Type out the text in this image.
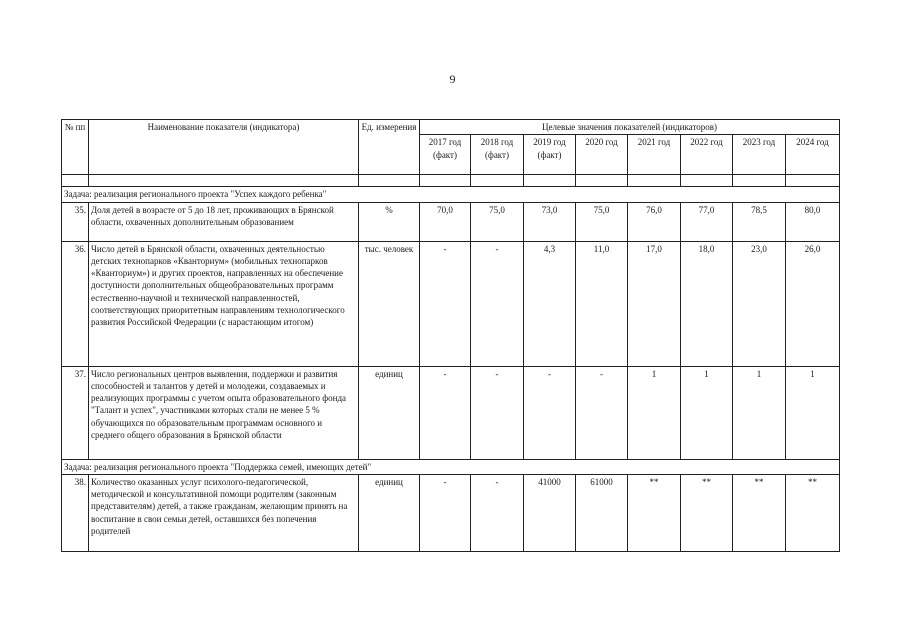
9
№ пп	Наименование показателя (индикатора)	Ед. измерения	Целевые значения показателей (индикаторов)							
			2017 год (факт)	2018 год (факт)	2019 год (факт)	2020 год	2021 год	2022 год	2023 год	2024 год

Задача: реализация регионального проекта "Успех каждого ребенка"										
35.	Доля детей в возрасте от 5 до 18 лет, проживающих в Брянской области, охваченных дополнительным образованием	%	70,0	75,0	73,0	75,0	76,0	77,0	78,5	80,0
36.	Число детей в Брянской области, охваченных деятельностью детских технопарков «Кванториум» (мобильных технопарков «Кванториум») и других проектов, направленных на обеспечение доступности дополнительных общеобразовательных программ естественно-научной и технической направленностей, соответствующих приоритетным направлениям технологического развития Российской Федерации (с нарастающим итогом)	тыс. человек	-	-	4,3	11,0	17,0	18,0	23,0	26,0
37.	Число региональных центров выявления, поддержки и развития способностей и талантов у детей и молодежи, создаваемых и реализующих программы с учетом опыта образовательного фонда "Талант и успех", участниками которых стали не менее 5 % обучающихся по образовательным программам основного и среднего общего образования в Брянской области	единиц	-	-	-	-	1	1	1	1
Задача: реализация регионального проекта "Поддержка семей, имеющих детей"										
38.	Количество оказанных услуг психолого-педагогической, методической и консультативной помощи родителям (законным представителям) детей, а также гражданам, желающим принять на воспитание в свои семьи детей, оставшихся без попечения родителей	единиц	-	-	41000	61000	**	**	**	**
